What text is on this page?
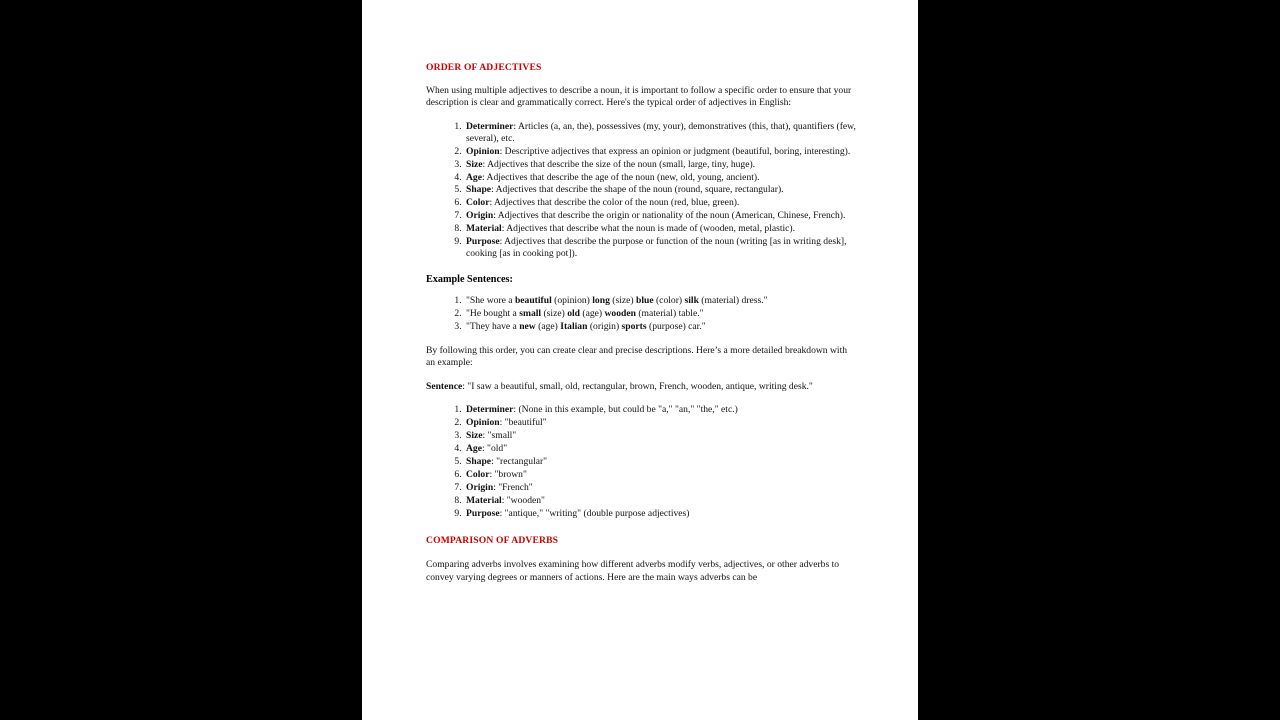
ORDER OF ADJECTIVES

When using multiple adjectives to describe a noun, it is important to follow a specific order to ensure that your description is clear and grammatically correct. Here's the typical order of adjectives in English:

1. Determiner: Articles (a, an, the), possessives (my, your), demonstratives (this, that), quantifiers (few, several), etc.
2. Opinion: Descriptive adjectives that express an opinion or judgment (beautiful, boring, interesting).
3. Size: Adjectives that describe the size of the noun (small, large, tiny, huge).
4. Age: Adjectives that describe the age of the noun (new, old, young, ancient).
5. Shape: Adjectives that describe the shape of the noun (round, square, rectangular).
6. Color: Adjectives that describe the color of the noun (red, blue, green).
7. Origin: Adjectives that describe the origin or nationality of the noun (American, Chinese, French).
8. Material: Adjectives that describe what the noun is made of (wooden, metal, plastic).
9. Purpose: Adjectives that describe the purpose or function of the noun (writing [as in writing desk], cooking [as in cooking pot]).
Example Sentences:
1. "She wore a beautiful (opinion) long (size) blue (color) silk (material) dress."
2. "He bought a small (size) old (age) wooden (material) table."
3. "They have a new (age) Italian (origin) sports (purpose) car."

By following this order, you can create clear and precise descriptions. Here’s a more detailed breakdown with an example:

Sentence: "I saw a beautiful, small, old, rectangular, brown, French, wooden, antique, writing desk."

1. Determiner: (None in this example, but could be "a," "an," "the," etc.)
2. Opinion: "beautiful"
3. Size: "small"
4. Age: "old"
5. Shape: "rectangular"
6. Color: "brown"
7. Origin: "French"
8. Material: "wooden"
9. Purpose: "antique," "writing" (double purpose adjectives)
COMPARISON OF ADVERBS

Comparing adverbs involves examining how different adverbs modify verbs, adjectives, or other adverbs to convey varying degrees or manners of actions. Here are the main ways adverbs can be
